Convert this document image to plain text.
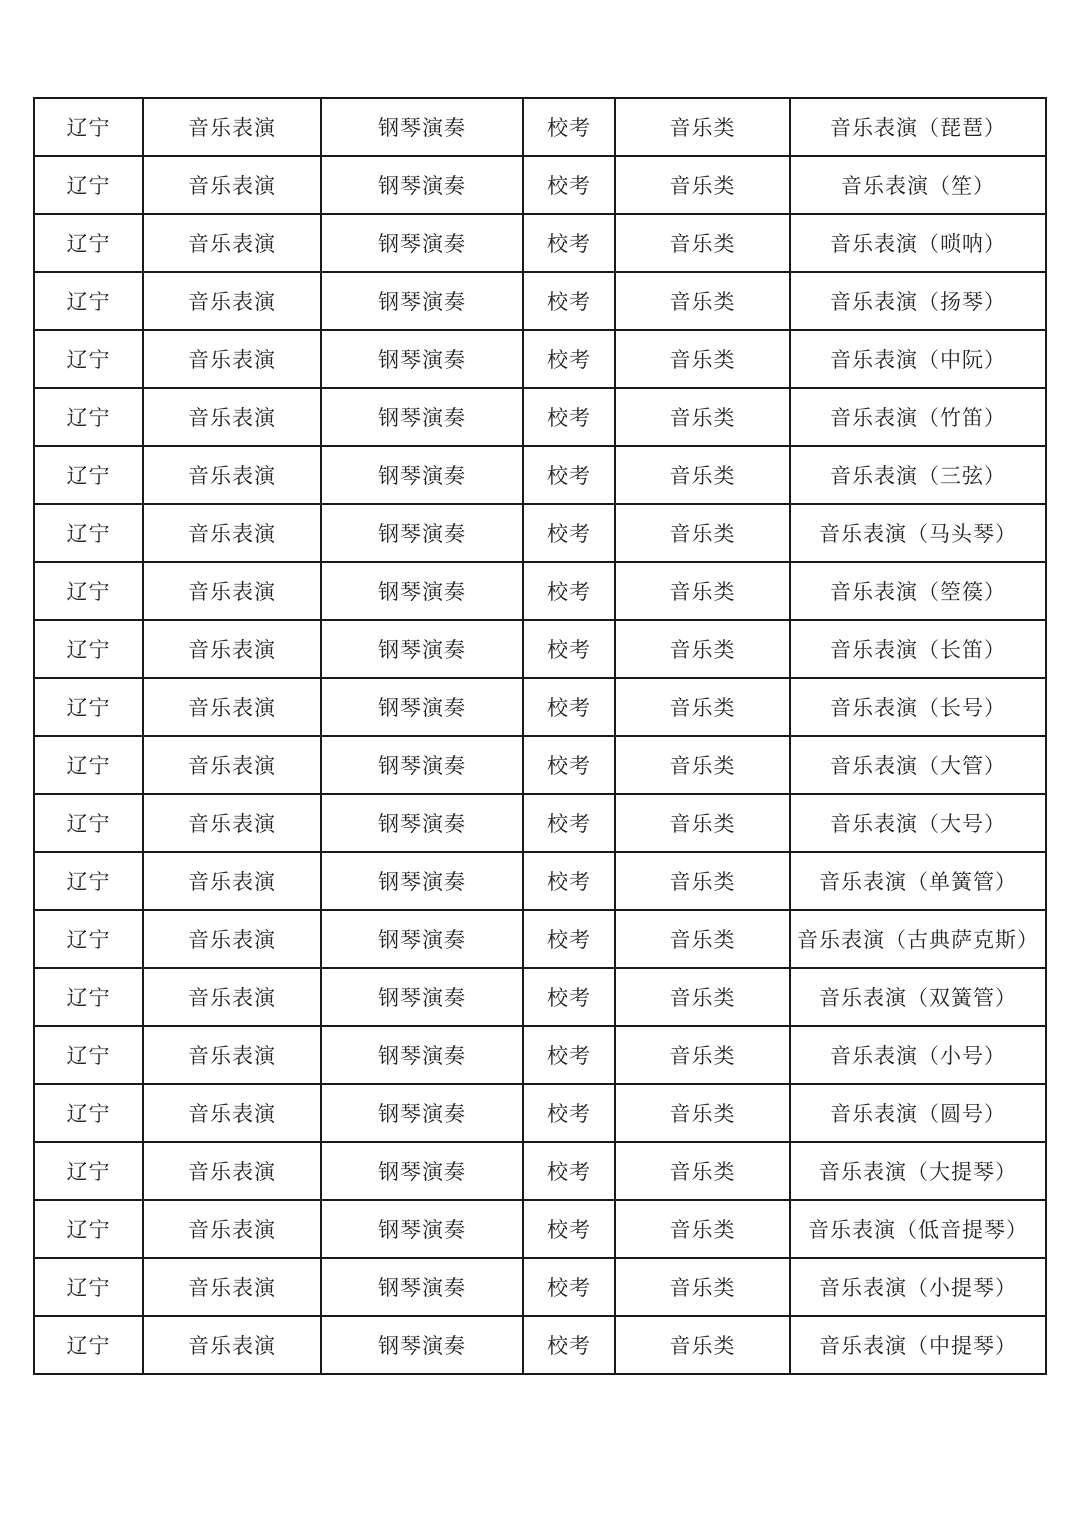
辽宁	音乐表演	钢琴演奏	校考	音乐类	音乐表演（琵琶）
辽宁	音乐表演	钢琴演奏	校考	音乐类	音乐表演（笙）
辽宁	音乐表演	钢琴演奏	校考	音乐类	音乐表演（唢呐）
辽宁	音乐表演	钢琴演奏	校考	音乐类	音乐表演（扬琴）
辽宁	音乐表演	钢琴演奏	校考	音乐类	音乐表演（中阮）
辽宁	音乐表演	钢琴演奏	校考	音乐类	音乐表演（竹笛）
辽宁	音乐表演	钢琴演奏	校考	音乐类	音乐表演（三弦）
辽宁	音乐表演	钢琴演奏	校考	音乐类	音乐表演（马头琴）
辽宁	音乐表演	钢琴演奏	校考	音乐类	音乐表演（箜篌）
辽宁	音乐表演	钢琴演奏	校考	音乐类	音乐表演（长笛）
辽宁	音乐表演	钢琴演奏	校考	音乐类	音乐表演（长号）
辽宁	音乐表演	钢琴演奏	校考	音乐类	音乐表演（大管）
辽宁	音乐表演	钢琴演奏	校考	音乐类	音乐表演（大号）
辽宁	音乐表演	钢琴演奏	校考	音乐类	音乐表演（单簧管）
辽宁	音乐表演	钢琴演奏	校考	音乐类	音乐表演（古典萨克斯）
辽宁	音乐表演	钢琴演奏	校考	音乐类	音乐表演（双簧管）
辽宁	音乐表演	钢琴演奏	校考	音乐类	音乐表演（小号）
辽宁	音乐表演	钢琴演奏	校考	音乐类	音乐表演（圆号）
辽宁	音乐表演	钢琴演奏	校考	音乐类	音乐表演（大提琴）
辽宁	音乐表演	钢琴演奏	校考	音乐类	音乐表演（低音提琴）
辽宁	音乐表演	钢琴演奏	校考	音乐类	音乐表演（小提琴）
辽宁	音乐表演	钢琴演奏	校考	音乐类	音乐表演（中提琴）
